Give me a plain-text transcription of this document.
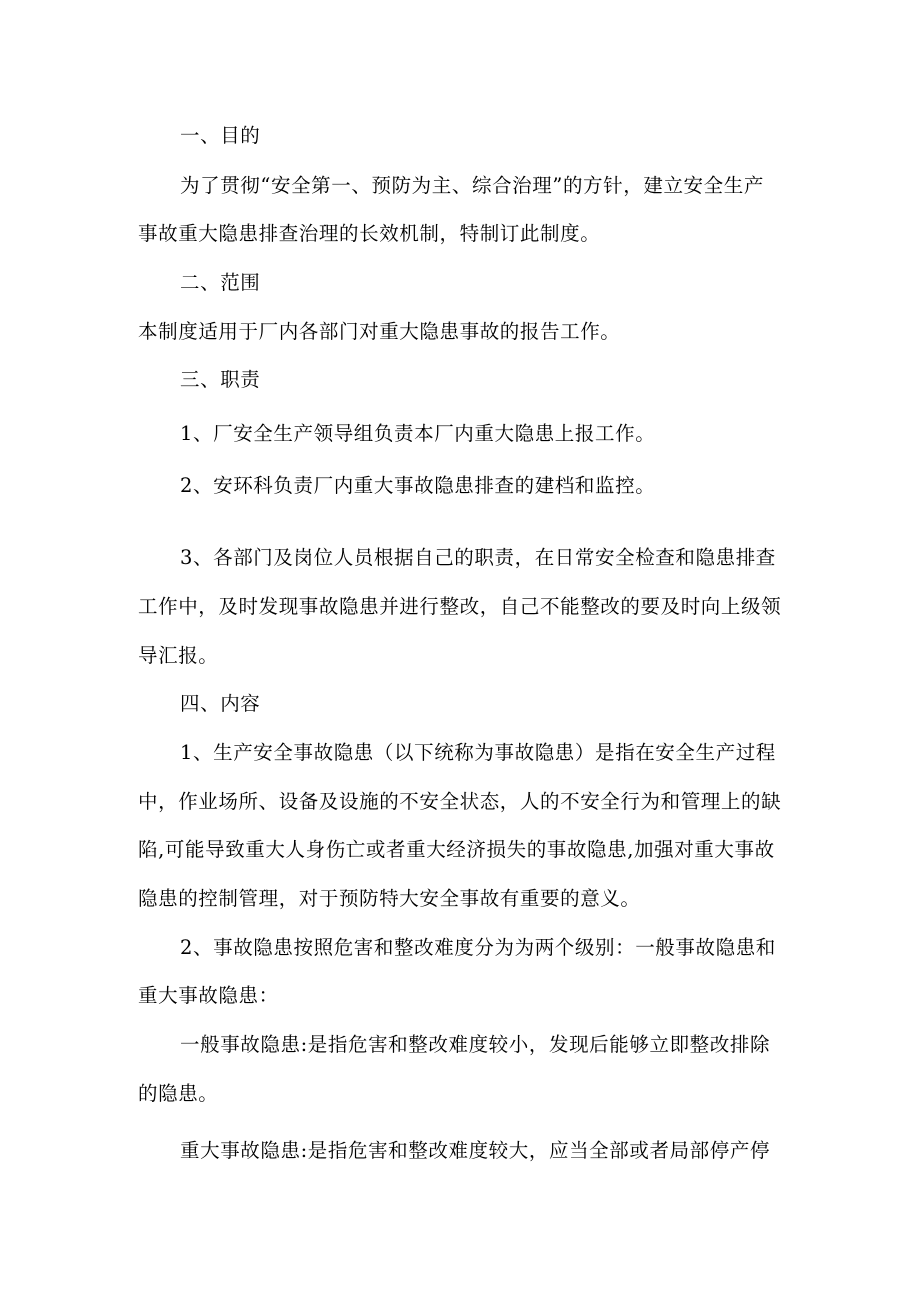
一、目的
为了贯彻“安全第一、预防为主、综合治理”的方针，建立安全生产
事故重大隐患排查治理的长效机制，特制订此制度。
二、范围
本制度适用于厂内各部门对重大隐患事故的报告工作。
三、职责
1、厂安全生产领导组负责本厂内重大隐患上报工作。
2、安环科负责厂内重大事故隐患排查的建档和监控。
3、各部门及岗位人员根据自己的职责，在日常安全检查和隐患排查
工作中，及时发现事故隐患并进行整改，自己不能整改的要及时向上级领
导汇报。
四、内容
1、生产安全事故隐患（以下统称为事故隐患）是指在安全生产过程
中，作业场所、设备及设施的不安全状态，人的不安全行为和管理上的缺
陷,可能导致重大人身伤亡或者重大经济损失的事故隐患,加强对重大事故
隐患的控制管理，对于预防特大安全事故有重要的意义。
2、事故隐患按照危害和整改难度分为为两个级别：一般事故隐患和
重大事故隐患：
一般事故隐患:是指危害和整改难度较小，发现后能够立即整改排除
的隐患。
重大事故隐患:是指危害和整改难度较大，应当全部或者局部停产停
